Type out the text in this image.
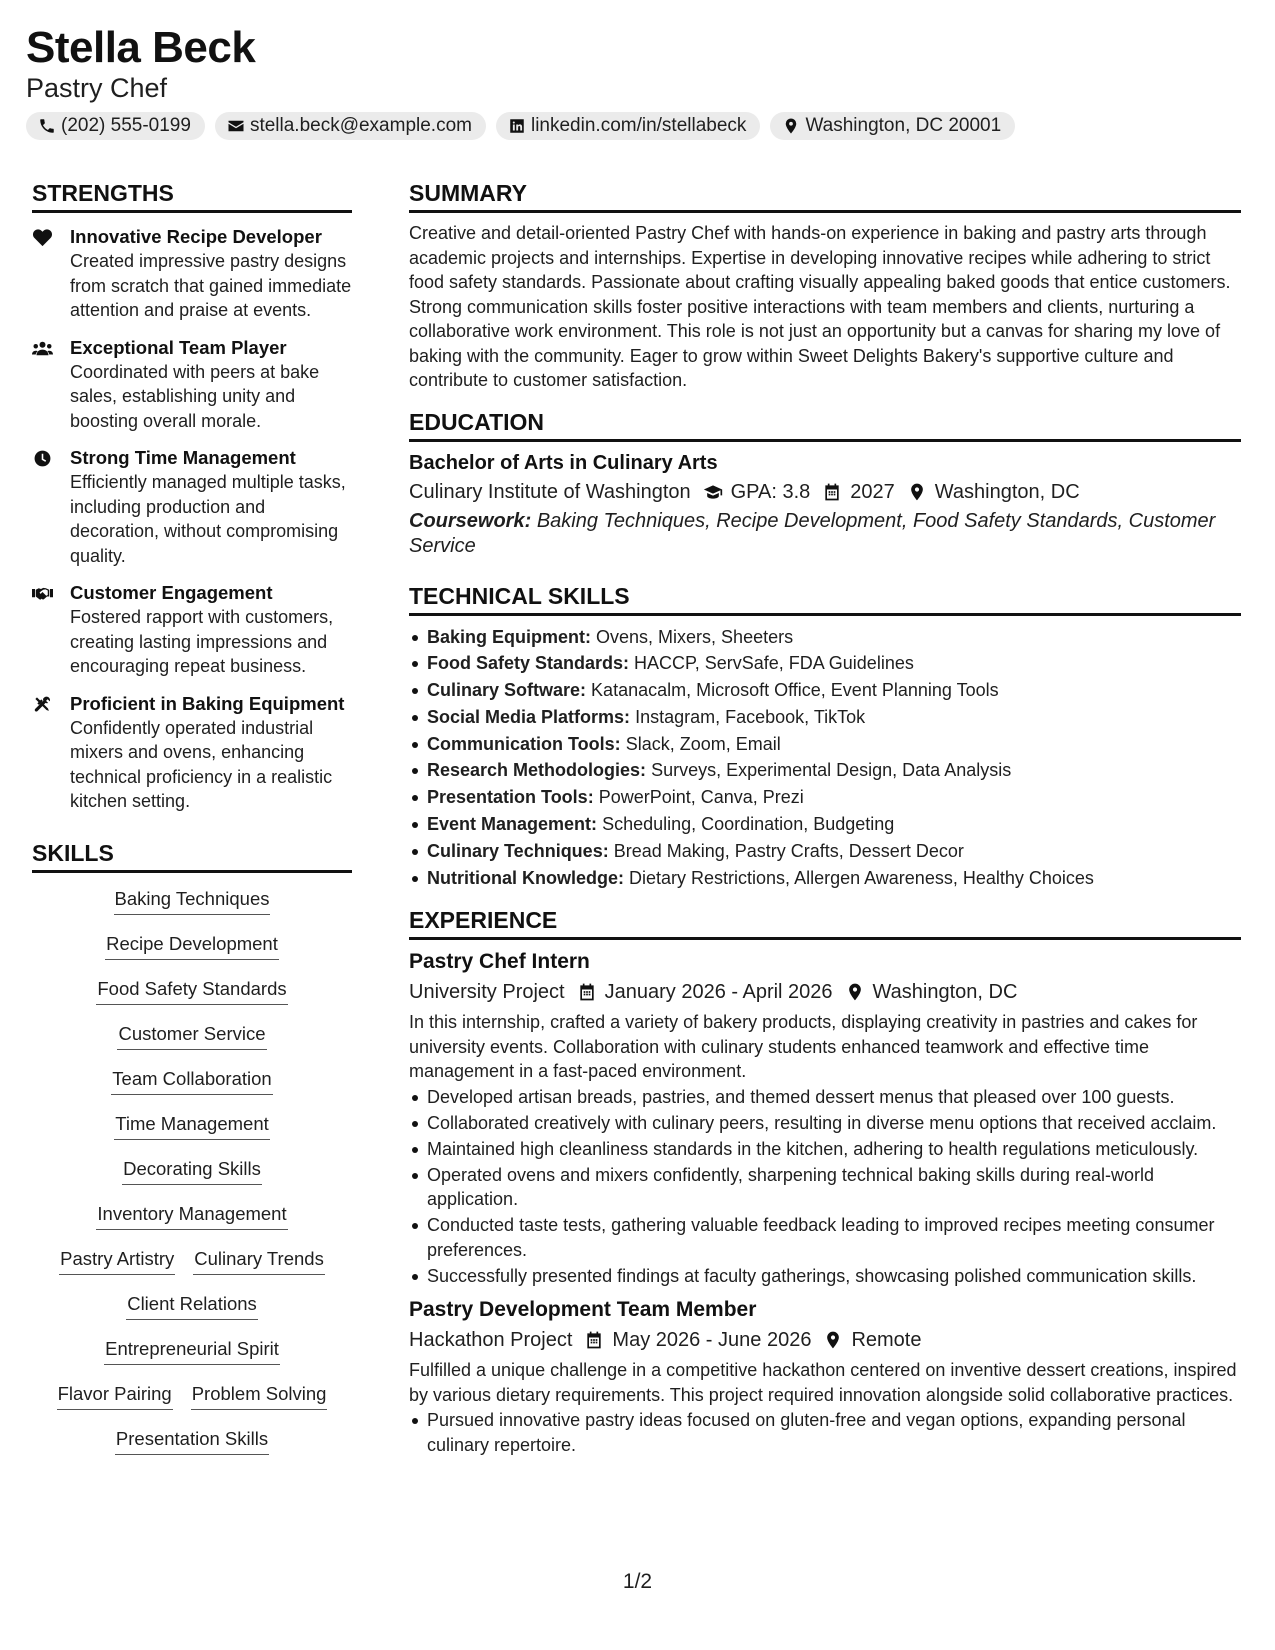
Stella Beck
Pastry Chef
(202) 555-0199	stella.beck@example.com	linkedin.com/in/stellabeck	Washington, DC 20001
STRENGTHS
Innovative Recipe Developer
Created impressive pastry designs from scratch that gained immediate attention and praise at events.
Exceptional Team Player
Coordinated with peers at bake sales, establishing unity and boosting overall morale.
Strong Time Management
Efficiently managed multiple tasks, including production and decoration, without compromising quality.
Customer Engagement
Fostered rapport with customers, creating lasting impressions and encouraging repeat business.
Proficient in Baking Equipment
Confidently operated industrial mixers and ovens, enhancing technical proficiency in a realistic kitchen setting.
SKILLS
Baking Techniques
Recipe Development
Food Safety Standards
Customer Service
Team Collaboration
Time Management
Decorating Skills
Inventory Management
Pastry Artistry Culinary Trends
Client Relations
Entrepreneurial Spirit
Flavor Pairing Problem Solving
Presentation Skills
SUMMARY
Creative and detail-oriented Pastry Chef with hands-on experience in baking and pastry arts through academic projects and internships. Expertise in developing innovative recipes while adhering to strict food safety standards. Passionate about crafting visually appealing baked goods that entice customers. Strong communication skills foster positive interactions with team members and clients, nurturing a collaborative work environment. This role is not just an opportunity but a canvas for sharing my love of baking with the community. Eager to grow within Sweet Delights Bakery's supportive culture and contribute to customer satisfaction.
EDUCATION
Bachelor of Arts in Culinary Arts
Culinary Institute of Washington GPA: 3.8 2027 Washington, DC
Coursework: Baking Techniques, Recipe Development, Food Safety Standards, Customer Service
TECHNICAL SKILLS
Baking Equipment: Ovens, Mixers, Sheeters
Food Safety Standards: HACCP, ServSafe, FDA Guidelines
Culinary Software: Katanacalm, Microsoft Office, Event Planning Tools
Social Media Platforms: Instagram, Facebook, TikTok
Communication Tools: Slack, Zoom, Email
Research Methodologies: Surveys, Experimental Design, Data Analysis
Presentation Tools: PowerPoint, Canva, Prezi
Event Management: Scheduling, Coordination, Budgeting
Culinary Techniques: Bread Making, Pastry Crafts, Dessert Decor
Nutritional Knowledge: Dietary Restrictions, Allergen Awareness, Healthy Choices
EXPERIENCE
Pastry Chef Intern
University Project January 2026 - April 2026 Washington, DC
In this internship, crafted a variety of bakery products, displaying creativity in pastries and cakes for university events. Collaboration with culinary students enhanced teamwork and effective time management in a fast-paced environment.
Developed artisan breads, pastries, and themed dessert menus that pleased over 100 guests.
Collaborated creatively with culinary peers, resulting in diverse menu options that received acclaim.
Maintained high cleanliness standards in the kitchen, adhering to health regulations meticulously.
Operated ovens and mixers confidently, sharpening technical baking skills during real-world application.
Conducted taste tests, gathering valuable feedback leading to improved recipes meeting consumer preferences.
Successfully presented findings at faculty gatherings, showcasing polished communication skills.
Pastry Development Team Member
Hackathon Project May 2026 - June 2026 Remote
Fulfilled a unique challenge in a competitive hackathon centered on inventive dessert creations, inspired by various dietary requirements. This project required innovation alongside solid collaborative practices.
Pursued innovative pastry ideas focused on gluten-free and vegan options, expanding personal culinary repertoire.
1/2
